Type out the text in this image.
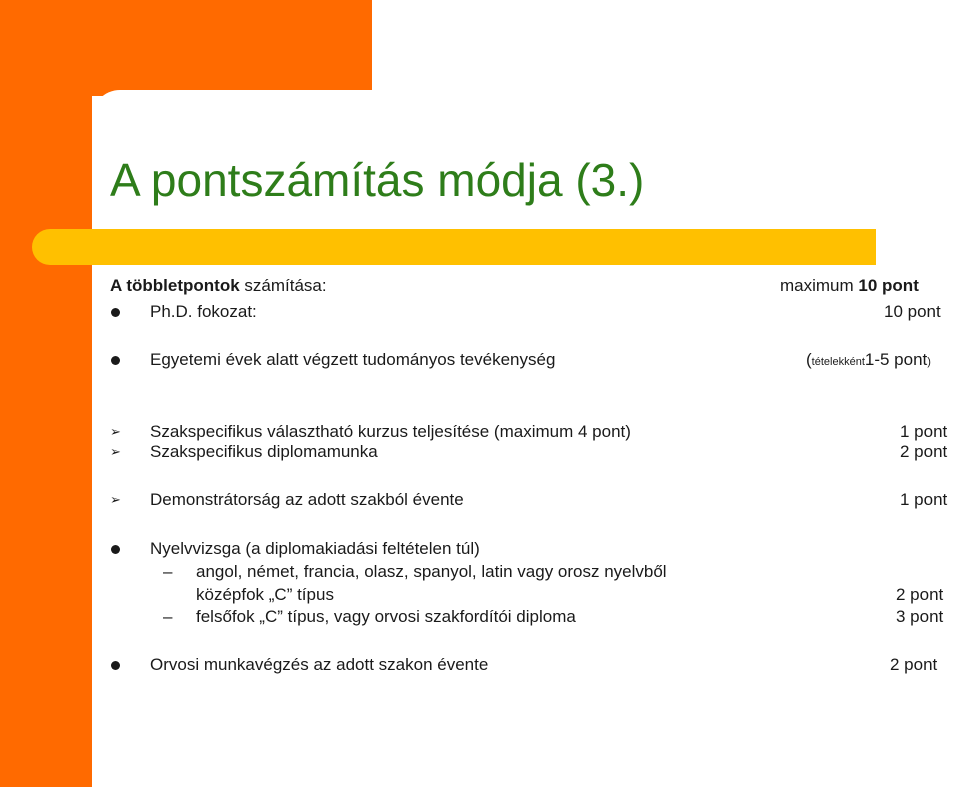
A pontszámítás módja (3.)
A többletpontok számítása:	maximum 10 pont
Ph.D. fokozat:	10 pont
Egyetemi évek alatt végzett tudományos tevékenység	(tételekként1-5 pont)
➢ Szakspecifikus választható kurzus teljesítése (maximum 4 pont)	1 pont
➢ Szakspecifikus diplomamunka	2 pont
➢ Demonstrátorság az adott szakból évente	1 pont
Nyelvvizsga (a diplomakiadási feltételen túl)
– angol, német, francia, olasz, spanyol, latin vagy orosz nyelvből
középfok „C” típus	2 pont
– felsőfok „C” típus, vagy orvosi szakfordítói diploma	3 pont
Orvosi munkavégzés az adott szakon évente	2 pont
